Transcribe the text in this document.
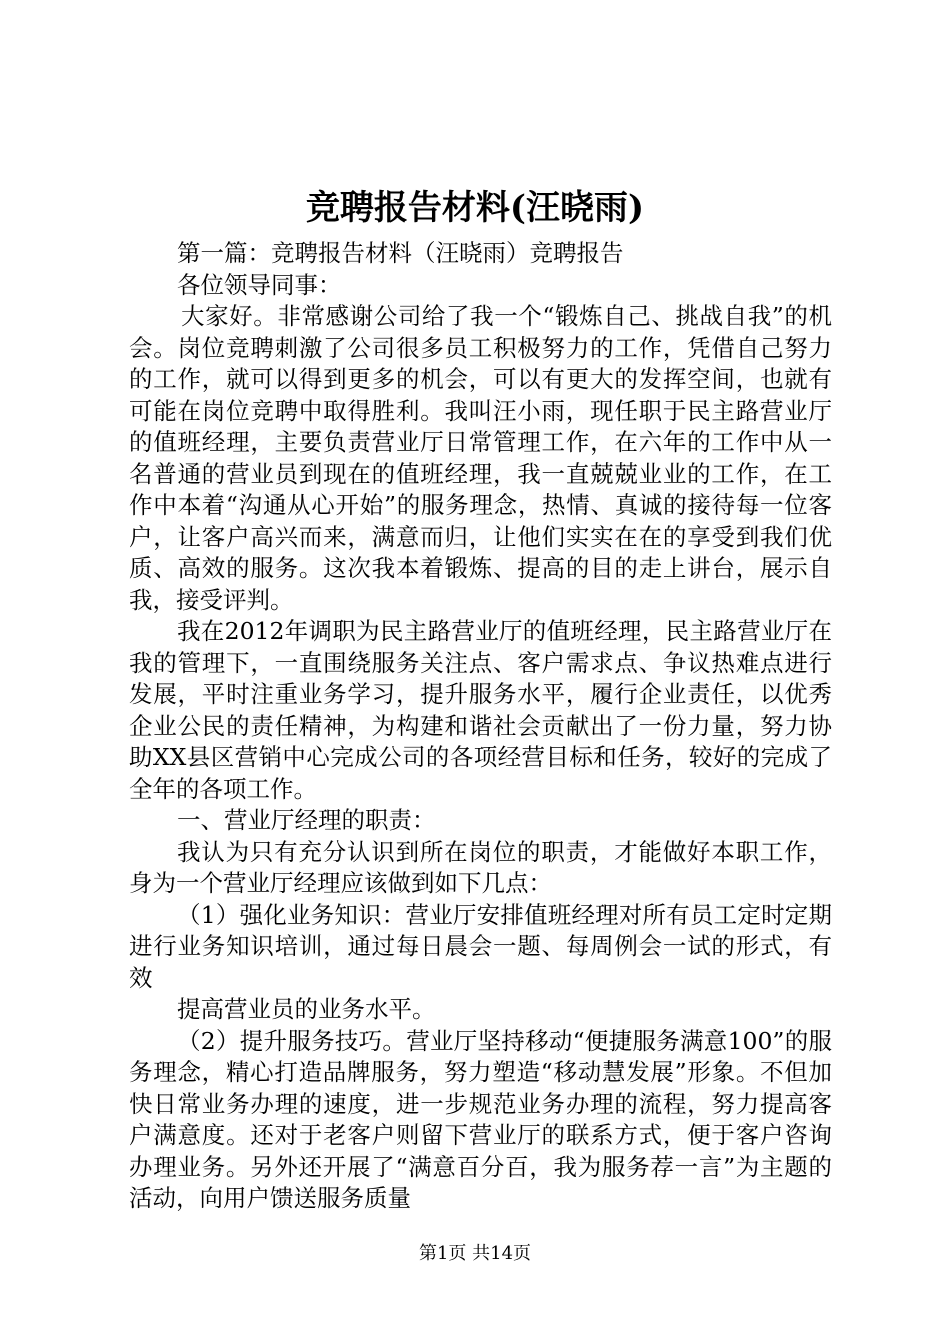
竞聘报告材料(汪晓雨)

第一篇：竞聘报告材料（汪晓雨）竞聘报告

各位领导同事：

大家好。非常感谢公司给了我一个“锻炼自己、挑战自我”的机会。岗位竞聘刺激了公司很多员工积极努力的工作，凭借自己努力的工作，就可以得到更多的机会，可以有更大的发挥空间，也就有可能在岗位竞聘中取得胜利。我叫汪小雨，现任职于民主路营业厅的值班经理，主要负责营业厅日常管理工作，在六年的工作中从一名普通的营业员到现在的值班经理，我一直兢兢业业的工作，在工作中本着“沟通从心开始”的服务理念，热情、真诚的接待每一位客户，让客户高兴而来，满意而归，让他们实实在在的享受到我们优质、高效的服务。这次我本着锻炼、提高的目的走上讲台，展示自我，接受评判。

我在2012年调职为民主路营业厅的值班经理，民主路营业厅在我的管理下，一直围绕服务关注点、客户需求点、争议热难点进行发展，平时注重业务学习，提升服务水平，履行企业责任，以优秀企业公民的责任精神，为构建和谐社会贡献出了一份力量，努力协助XX县区营销中心完成公司的各项经营目标和任务，较好的完成了全年的各项工作。

一、营业厅经理的职责：

我认为只有充分认识到所在岗位的职责，才能做好本职工作，身为一个营业厅经理应该做到如下几点：

（1）强化业务知识：营业厅安排值班经理对所有员工定时定期进行业务知识培训，通过每日晨会一题、每周例会一试的形式，有效

提高营业员的业务水平。

（2）提升服务技巧。营业厅坚持移动“便捷服务满意100”的服务理念，精心打造品牌服务，努力塑造“移动慧发展”形象。不但加快日常业务办理的速度，进一步规范业务办理的流程，努力提高客户满意度。还对于老客户则留下营业厅的联系方式，便于客户咨询办理业务。另外还开展了“满意百分百，我为服务荐一言”为主题的活动，向用户馈送服务质量

第1页 共14页
